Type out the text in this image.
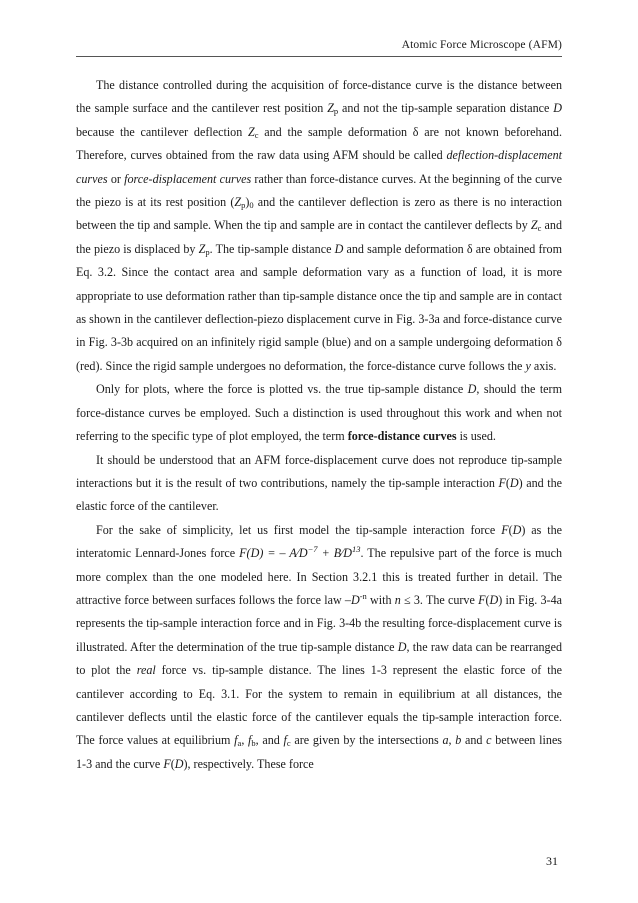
Atomic Force Microscope (AFM)

The distance controlled during the acquisition of force-distance curve is the distance between the sample surface and the cantilever rest position $Z_p$ and not the tip-sample separation distance D because the cantilever deflection $Z_c$ and the sample deformation δ are not known beforehand. Therefore, curves obtained from the raw data using AFM should be called deflection-displacement curves or force-displacement curves rather than force-distance curves. At the beginning of the curve the piezo is at its rest position $(Z_p)_0$ and the cantilever deflection is zero as there is no interaction between the tip and sample. When the tip and sample are in contact the cantilever deflects by $Z_c$ and the piezo is displaced by $Z_p$. The tip-sample distance D and sample deformation δ are obtained from Eq. 3.2. Since the contact area and sample deformation vary as a function of load, it is more appropriate to use deformation rather than tip-sample distance once the tip and sample are in contact as shown in the cantilever deflection-piezo displacement curve in Fig. 3-3a and force-distance curve in Fig. 3-3b acquired on an infinitely rigid sample (blue) and on a sample undergoing deformation δ (red). Since the rigid sample undergoes no deformation, the force-distance curve follows the y axis.

Only for plots, where the force is plotted vs. the true tip-sample distance D, should the term force-distance curves be employed. Such a distinction is used throughout this work and when not referring to the specific type of plot employed, the term force-distance curves is used.

It should be understood that an AFM force-displacement curve does not reproduce tip-sample interactions but it is the result of two contributions, namely the tip-sample interaction F(D) and the elastic force of the cantilever.

For the sake of simplicity, let us first model the tip-sample interaction force F(D) as the interatomic Lennard-Jones force F(D) = – $A⁄D^{-7}$ + $B⁄D^{13}$. The repulsive part of the force is much more complex than the one modeled here. In Section 3.2.1 this is treated further in detail. The attractive force between surfaces follows the force law $-D^{-n}$ with n ≤ 3. The curve F(D) in Fig. 3-4a represents the tip-sample interaction force and in Fig. 3-4b the resulting force-displacement curve is illustrated. After the determination of the true tip-sample distance D, the raw data can be rearranged to plot the real force vs. tip-sample distance. The lines 1-3 represent the elastic force of the cantilever according to Eq. 3.1. For the system to remain in equilibrium at all distances, the cantilever deflects until the elastic force of the cantilever equals the tip-sample interaction force. The force values at equilibrium $f_a$, $f_b$, and $f_c$ are given by the intersections a, b and c between lines 1-3 and the curve F(D), respectively. These force

31
